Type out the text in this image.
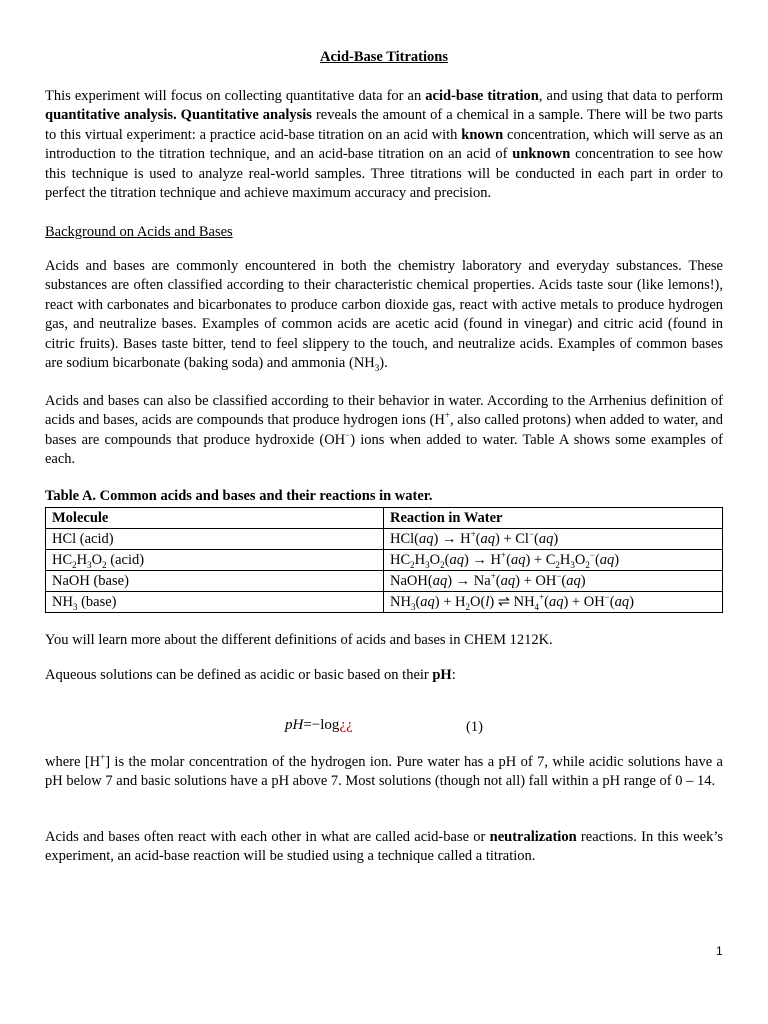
Acid-Base Titrations

This experiment will focus on collecting quantitative data for an acid-base titration, and using that data to perform quantitative analysis. Quantitative analysis reveals the amount of a chemical in a sample. There will be two parts to this virtual experiment: a practice acid-base titration on an acid with known concentration, which will serve as an introduction to the titration technique, and an acid-base titration on an acid of unknown concentration to see how this technique is used to analyze real-world samples. Three titrations will be conducted in each part in order to perfect the titration technique and achieve maximum accuracy and precision.

Background on Acids and Bases

Acids and bases are commonly encountered in both the chemistry laboratory and everyday substances. These substances are often classified according to their characteristic chemical properties. Acids taste sour (like lemons!), react with carbonates and bicarbonates to produce carbon dioxide gas, react with active metals to produce hydrogen gas, and neutralize bases. Examples of common acids are acetic acid (found in vinegar) and citric acid (found in citric fruits). Bases taste bitter, tend to feel slippery to the touch, and neutralize acids. Examples of common bases are sodium bicarbonate (baking soda) and ammonia $(NH_3)$.

Acids and bases can also be classified according to their behavior in water. According to the Arrhenius definition of acids and bases, acids are compounds that produce hydrogen ions (H+, also called protons) when added to water, and bases are compounds that produce hydroxide (OH−) ions when added to water. Table A shows some examples of each.

Table A. Common acids and bases and their reactions in water.
Molecule	Reaction in Water
HCl (acid)	HCl(aq) → H+(aq) + Cl−(aq)
$HC_2H_3O_2$ (acid)	$HC_2H_3O_2(aq) \to H^+(aq) + C_2H_3O_2^-(aq)$
NaOH (base)	NaOH(aq) → Na+(aq) + OH−(aq)
$NH_3$ (base)	$NH_3(aq) + H_2O(l)$ ⇌ $NH_4^+(aq) + OH^-(aq)$

You will learn more about the different definitions of acids and bases in CHEM 1212K.

Aqueous solutions can be defined as acidic or basic based on their pH:

pH=−log¿¿	(1)

where [H+] is the molar concentration of the hydrogen ion. Pure water has a pH of 7, while acidic solutions have a pH below 7 and basic solutions have a pH above 7. Most solutions (though not all) fall within a pH range of 0 – 14.

Acids and bases often react with each other in what are called acid-base or neutralization reactions. In this week’s experiment, an acid-base reaction will be studied using a technique called a titration.

1
